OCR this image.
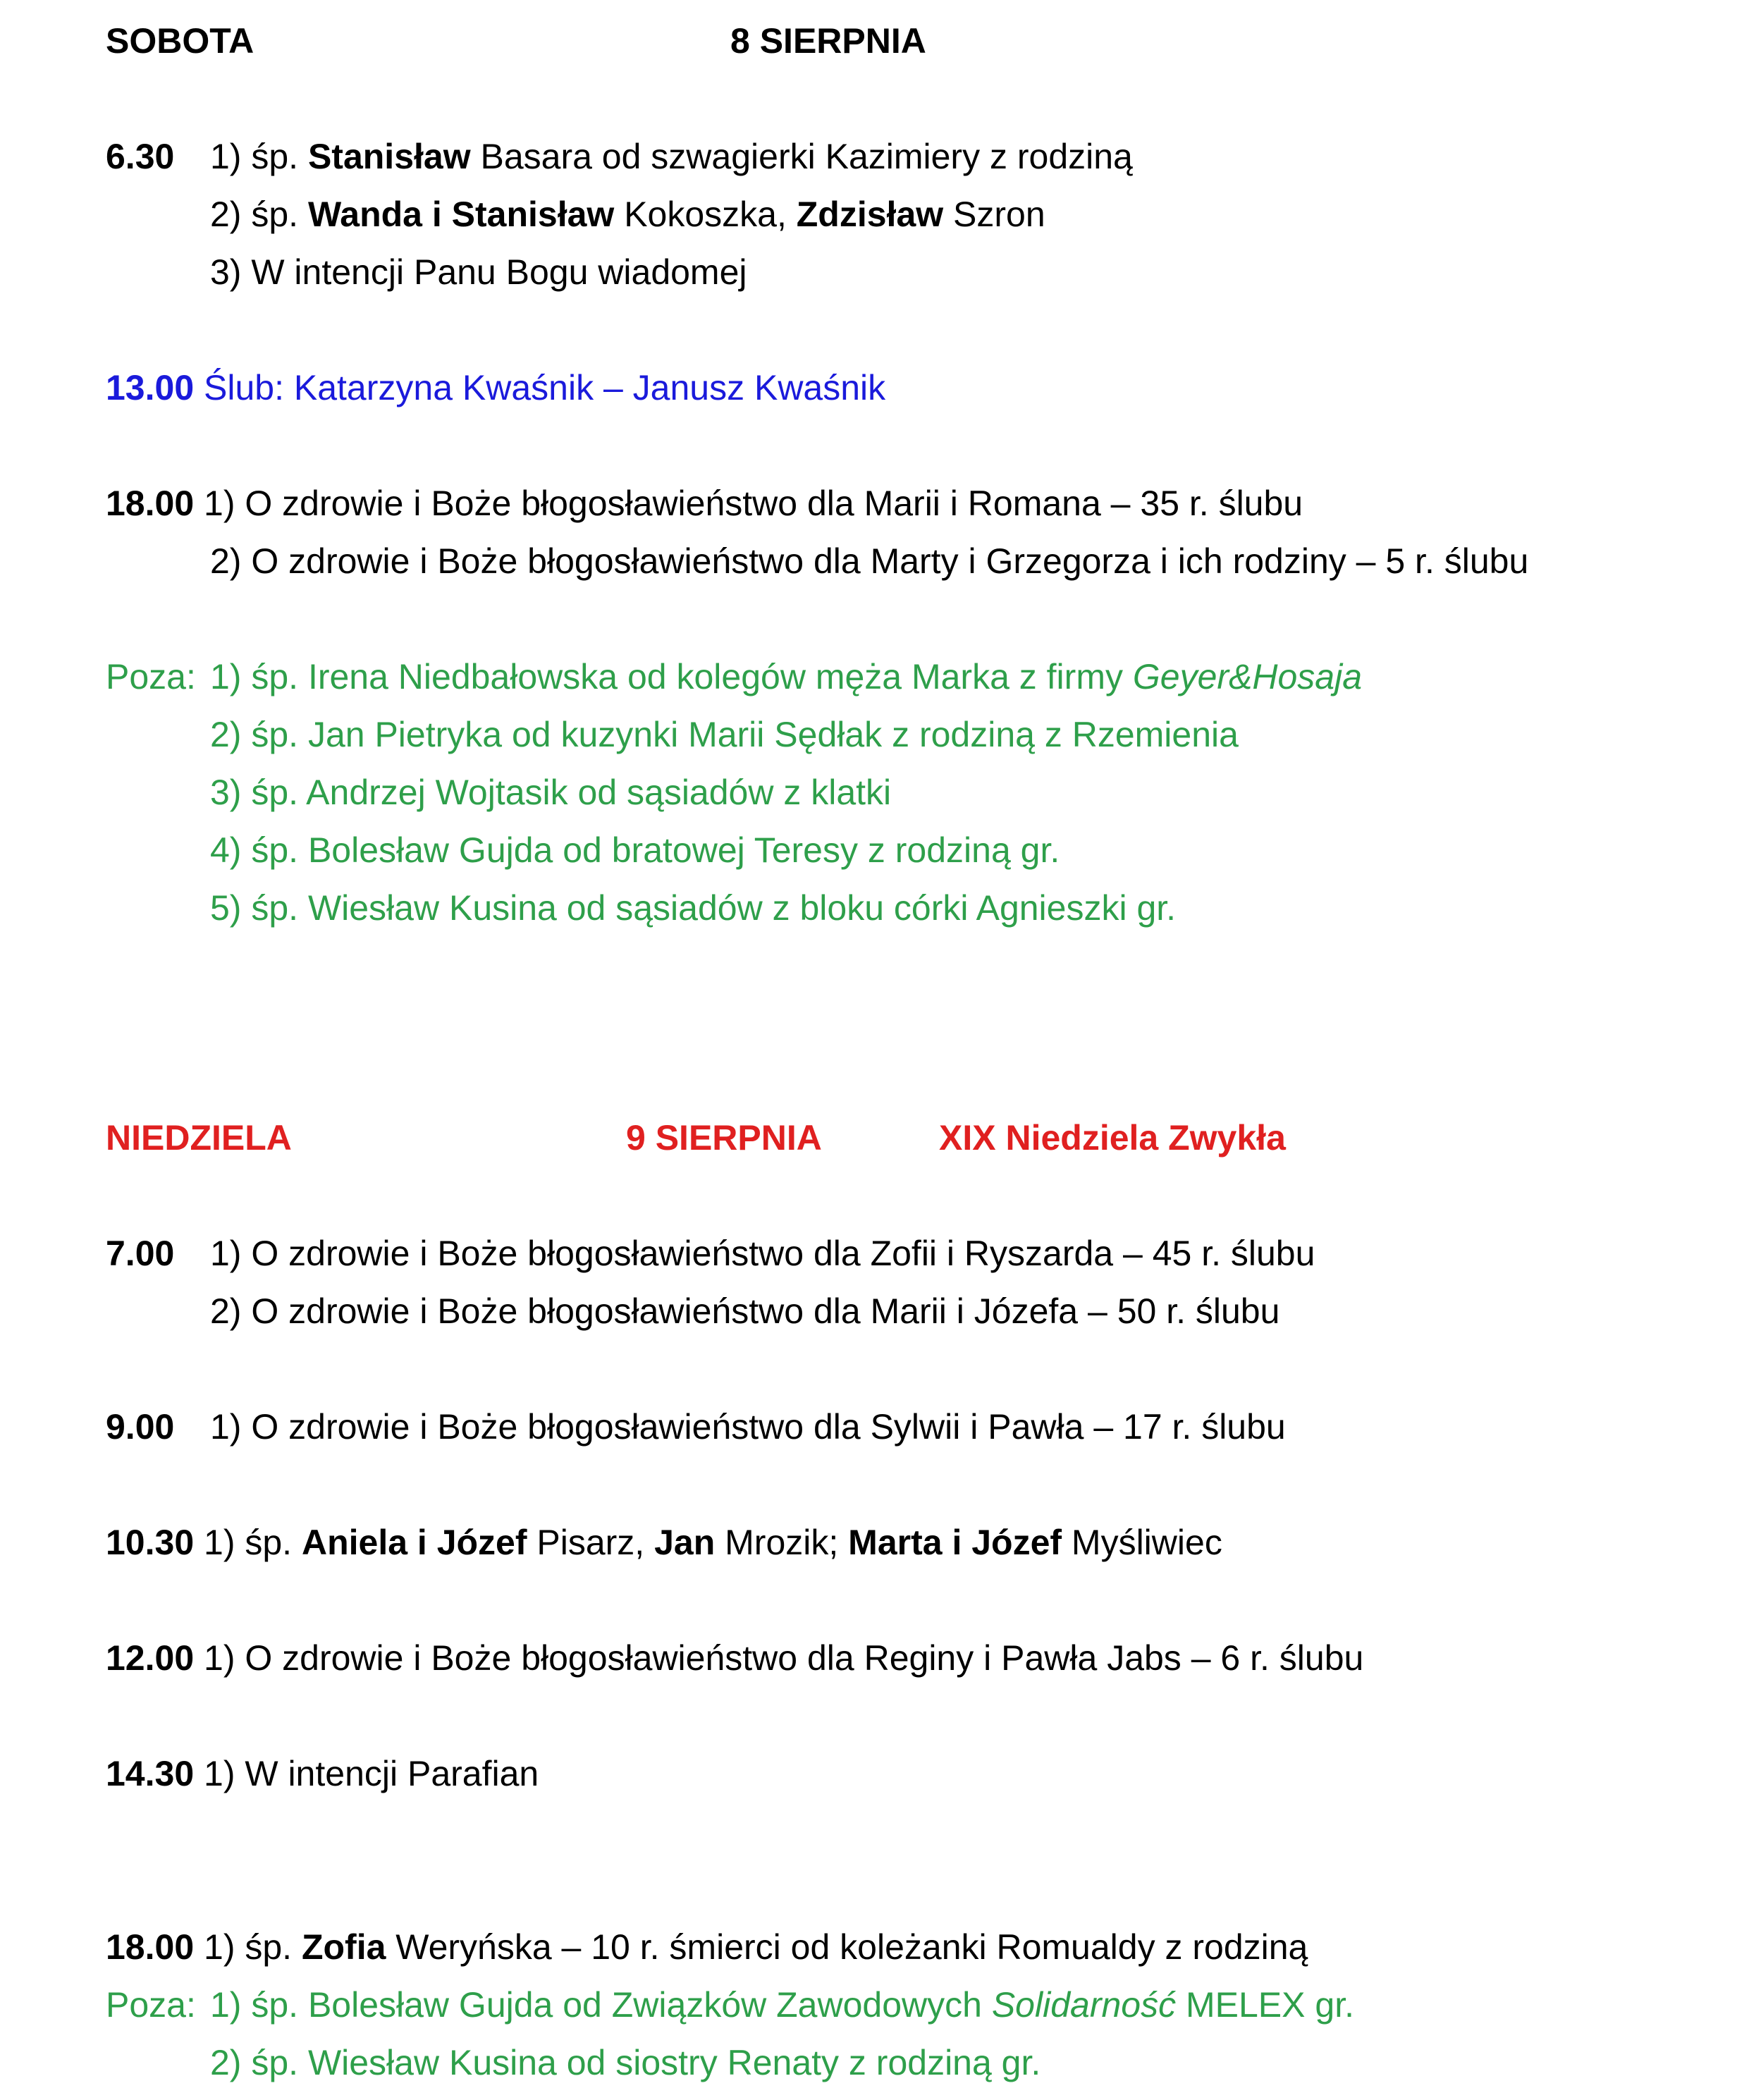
SOBOTA	8 SIERPNIA
6.30 1) śp. Stanisław Basara od szwagierki Kazimiery z rodziną
2) śp. Wanda i Stanisław Kokoszka, Zdzisław Szron
3) W intencji Panu Bogu wiadomej
13.00 Ślub: Katarzyna Kwaśnik – Janusz Kwaśnik
18.00 1) O zdrowie i Boże błogosławieństwo dla Marii i Romana – 35 r. ślubu
2) O zdrowie i Boże błogosławieństwo dla Marty i Grzegorza i ich rodziny – 5 r. ślubu
Poza: 1) śp. Irena Niedbałowska od kolegów męża Marka z firmy Geyer&Hosaja
2) śp. Jan Pietryka od kuzynki Marii Sędłak z rodziną z Rzemienia
3) śp. Andrzej Wojtasik od sąsiadów z klatki
4) śp. Bolesław Gujda od bratowej Teresy z rodziną gr.
5) śp. Wiesław Kusina od sąsiadów z bloku córki Agnieszki gr.
NIEDZIELA	9 SIERPNIA	XIX Niedziela Zwykła
7.00 1) O zdrowie i Boże błogosławieństwo dla Zofii i Ryszarda – 45 r. ślubu
2) O zdrowie i Boże błogosławieństwo dla Marii i Józefa – 50 r. ślubu
9.00 1) O zdrowie i Boże błogosławieństwo dla Sylwii i Pawła – 17 r. ślubu
10.30 1) śp. Aniela i Józef Pisarz, Jan Mrozik; Marta i Józef Myśliwiec
12.00 1) O zdrowie i Boże błogosławieństwo dla Reginy i Pawła Jabs – 6 r. ślubu
14.30 1) W intencji Parafian
18.00 1) śp. Zofia Weryńska – 10 r. śmierci od koleżanki Romualdy z rodziną
Poza: 1) śp. Bolesław Gujda od Związków Zawodowych Solidarność MELEX gr.
2) śp. Wiesław Kusina od siostry Renaty z rodziną gr.
